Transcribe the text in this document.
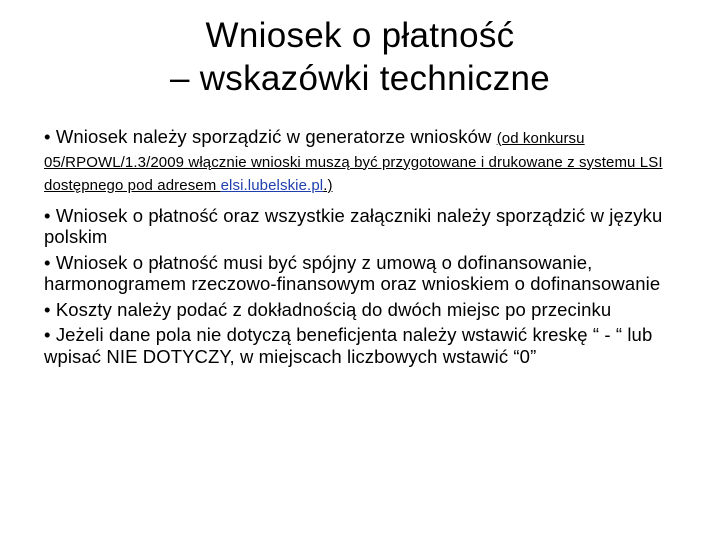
Wniosek o płatność
– wskazówki techniczne

• Wniosek należy sporządzić w generatorze wniosków (od konkursu 05/RPOWL/1.3/2009 włącznie wnioski muszą być przygotowane i drukowane z systemu LSI dostępnego pod adresem elsi.lubelskie.pl.)

• Wniosek o płatność oraz wszystkie załączniki należy sporządzić w języku polskim

• Wniosek o płatność musi być spójny z umową o dofinansowanie, harmonogramem rzeczowo-finansowym oraz wnioskiem o dofinansowanie

• Koszty należy podać z dokładnością do dwóch miejsc po przecinku

• Jeżeli dane pola nie dotyczą beneficjenta należy wstawić kreskę “ - “ lub wpisać NIE DOTYCZY, w miejscach liczbowych wstawić “0”
